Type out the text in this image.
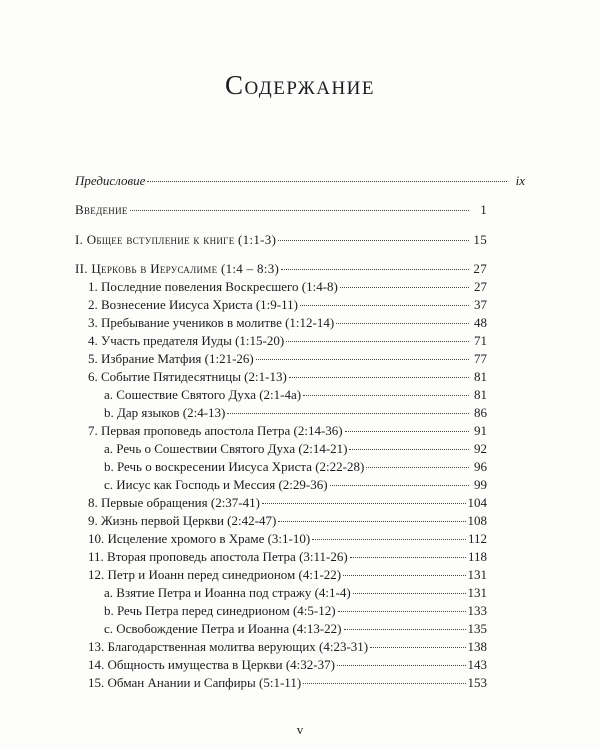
Содержание
Предисловие	ix
Введение	1
I. Общее вступление к книге (1:1-3)	15
II. Церковь в Иерусалиме (1:4 – 8:3)	27
1. Последние повеления Воскресшего (1:4-8)	27
2. Вознесение Иисуса Христа (1:9-11)	37
3. Пребывание учеников в молитве (1:12-14)	48
4. Участь предателя Иуды (1:15-20)	71
5. Избрание Матфия (1:21-26)	77
6. Событие Пятидесятницы (2:1-13)	81
a. Сошествие Святого Духа (2:1-4a)	81
b. Дар языков (2:4-13)	86
7. Первая проповедь апостола Петра (2:14-36)	91
a. Речь о Сошествии Святого Духа (2:14-21)	92
b. Речь о воскресении Иисуса Христа (2:22-28)	96
c. Иисус как Господь и Мессия (2:29-36)	99
8. Первые обращения (2:37-41)	104
9. Жизнь первой Церкви (2:42-47)	108
10. Исцеление хромого в Храме (3:1-10)	112
11. Вторая проповедь апостола Петра (3:11-26)	118
12. Петр и Иоанн перед синедрионом (4:1-22)	131
a. Взятие Петра и Иоанна под стражу (4:1-4)	131
b. Речь Петра перед синедрионом (4:5-12)	133
c. Освобождение Петра и Иоанна (4:13-22)	135
13. Благодарственная молитва верующих (4:23-31)	138
14. Общность имущества в Церкви (4:32-37)	143
15. Обман Анании и Сапфиры (5:1-11)	153
v
